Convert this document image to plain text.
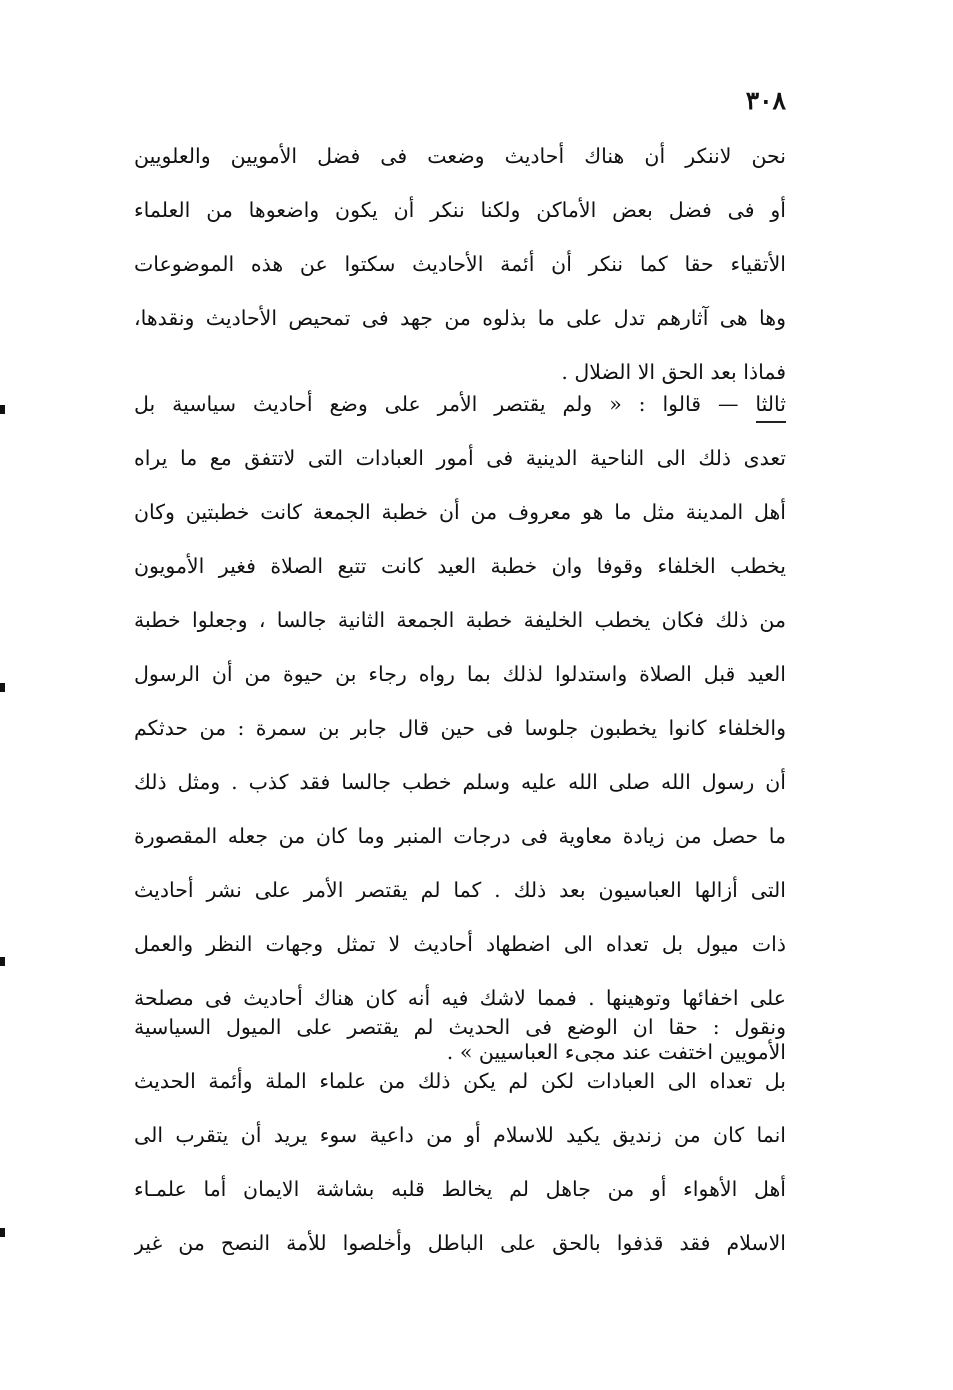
٣٠٨
نحن لاننكر أن هناك أحاديث وضعت فى فضل الأمويين والعلويين
أو فى فضل بعض الأماكن ولكنا ننكر أن يكون واضعوها من العلماء
الأتقياء حقا كما ننكر أن أئمة الأحاديث سكتوا عن هذه الموضوعات
وها هى آثارهم تدل على ما بذلوه من جهد فى تمحيص الأحاديث ونقدها،
فماذا بعد الحق الا الضلال .
ثالثا — قالوا : « ولم يقتصر الأمر على وضع أحاديث سياسية بل
تعدى ذلك الى الناحية الدينية فى أمور العبادات التى لاتتفق مع ما يراه
أهل المدينة مثل ما هو معروف من أن خطبة الجمعة كانت خطبتين وكان
يخطب الخلفاء وقوفا وان خطبة العيد كانت تتبع الصلاة فغير الأمويون
من ذلك فكان يخطب الخليفة خطبة الجمعة الثانية جالسا ، وجعلوا خطبة
العيد قبل الصلاة واستدلوا لذلك بما رواه رجاء بن حيوة من أن الرسول
والخلفاء كانوا يخطبون جلوسا فى حين قال جابر بن سمرة : من حدثكم
أن رسول الله صلى الله عليه وسلم خطب جالسا فقد كذب . ومثل ذلك
ما حصل من زيادة معاوية فى درجات المنبر وما كان من جعله المقصورة
التى أزالها العباسيون بعد ذلك . كما لم يقتصر الأمر على نشر أحاديث
ذات ميول بل تعداه الى اضطهاد أحاديث لا تمثل وجهات النظر والعمل
على اخفائها وتوهينها . فمما لاشك فيه أنه كان هناك أحاديث فى مصلحة
الأمويين اختفت عند مجىء العباسيين » .
ونقول : حقا ان الوضع فى الحديث لم يقتصر على الميول السياسية
بل تعداه الى العبادات لكن لم يكن ذلك من علماء الملة وأئمة الحديث
انما كان من زنديق يكيد للاسلام أو من داعية سوء يريد أن يتقرب الى
أهل الأهواء أو من جاهل لم يخالط قلبه بشاشة الايمان أما علمـاء
الاسلام فقد قذفوا بالحق على الباطل وأخلصوا للأمة النصح من غير
